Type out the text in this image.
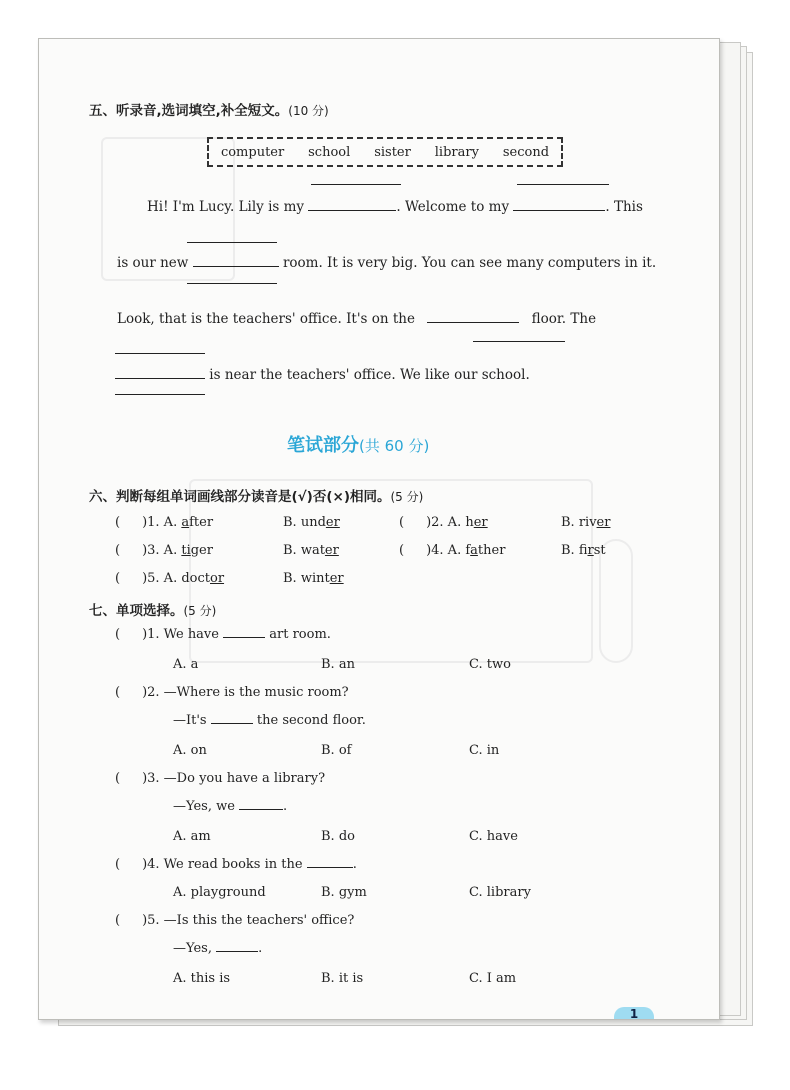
五、听录音,选词填空,补全短文。(10 分)
computer school sister library second
Hi! I'm Lucy. Lily is my	. Welcome to my	. This
is our new	room. It is very big. You can see many computers in it.
Look, that is the teachers' office. It's on the	floor. The
is near the teachers' office. We like our school.
笔试部分(共 60 分)
六、判断每组单词画线部分读音是(√)否(×)相同。(5 分)
( )1. A. after	B. under	( )2. A. her	B. river
( )3. A. tiger	B. water	( )4. A. father	B. first
( )5. A. doctor	B. winter
七、单项选择。(5 分)
( )1. We have	art room.
A. a	B. an	C. two
( )2. —Where is the music room?
—It's	the second floor.
A. on	B. of	C. in
( )3. —Do you have a library?
—Yes, we	.
A. am	B. do	C. have
( )4. We read books in the	.
A. playground	B. gym	C. library
( )5. —Is this the teachers' office?
—Yes,	.
A. this is	B. it is	C. I am
1
